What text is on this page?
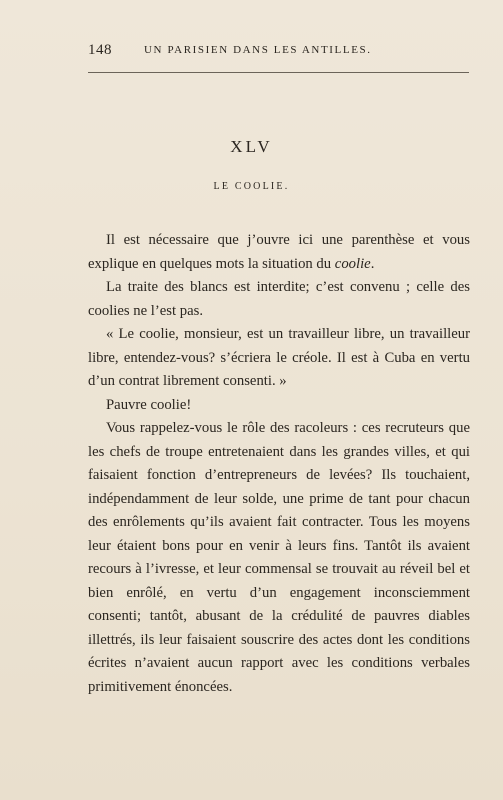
148	UN PARISIEN DANS LES ANTILLES.
XLV
LE COOLIE.

Il est nécessaire que j’ouvre ici une parenthèse et vous explique en quelques mots la situation du coolie.

La traite des blancs est interdite; c’est convenu ; celle des coolies ne l’est pas.

« Le coolie, monsieur, est un travailleur libre, un travailleur libre, entendez-vous? s’écriera le créole. Il est à Cuba en vertu d’un contrat librement consenti. »

Pauvre coolie!

Vous rappelez-vous le rôle des racoleurs : ces recruteurs que les chefs de troupe entretenaient dans les grandes villes, et qui faisaient fonction d’entrepreneurs de levées? Ils touchaient, indépendamment de leur solde, une prime de tant pour chacun des enrôlements qu’ils avaient fait contracter. Tous les moyens leur étaient bons pour en venir à leurs fins. Tantôt ils avaient recours à l’ivresse, et leur commensal se trouvait au réveil bel et bien enrôlé, en vertu d’un engagement inconsciemment consenti; tantôt, abusant de la crédulité de pauvres diables illettrés, ils leur faisaient souscrire des actes dont les conditions écrites n’avaient aucun rapport avec les conditions verbales primitivement énoncées.
